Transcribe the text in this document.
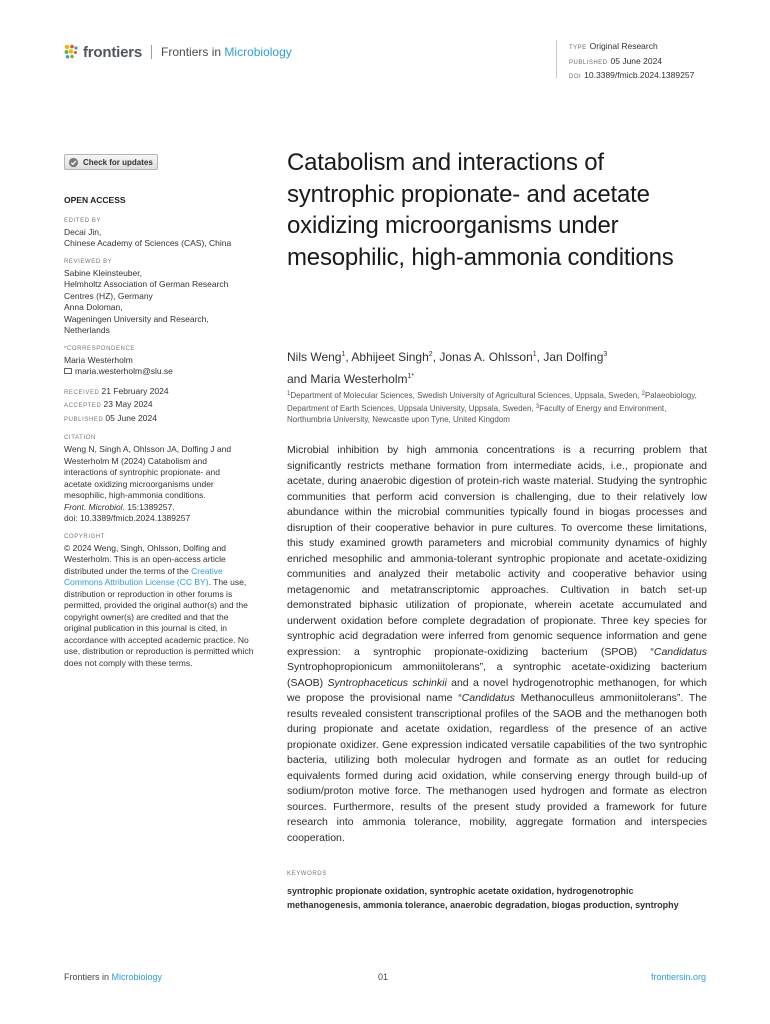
frontiers Frontiers in Microbiology	TYPE Original Research
PUBLISHED 05 June 2024
DOI 10.3389/fmicb.2024.1389257
Check for updates
OPEN ACCESS
EDITED BY
Decai Jin,
Chinese Academy of Sciences (CAS), China
REVIEWED BY
Sabine Kleinsteuber,
Helmholtz Association of German Research
Centres (HZ), Germany
Anna Doloman,
Wageningen University and Research,
Netherlands
*CORRESPONDENCE
Maria Westerholm
maria.westerholm@slu.se
RECEIVED 21 February 2024
ACCEPTED 23 May 2024
PUBLISHED 05 June 2024
CITATION
Weng N, Singh A, Ohlsson JA, Dolfing J and
Westerholm M (2024) Catabolism and
interactions of syntrophic propionate- and
acetate oxidizing microorganisms under
mesophilic, high-ammonia conditions.
Front. Microbiol. 15:1389257.
doi: 10.3389/fmicb.2024.1389257
COPYRIGHT
© 2024 Weng, Singh, Ohlsson, Dolfing and Westerholm. This is an open-access article distributed under the terms of the Creative Commons Attribution License (CC BY). The use, distribution or reproduction in other forums is permitted, provided the original author(s) and the copyright owner(s) are credited and that the original publication in this journal is cited, in accordance with accepted academic practice. No use, distribution or reproduction is permitted which does not comply with these terms.
Catabolism and interactions of syntrophic propionate- and acetate oxidizing microorganisms under mesophilic, high-ammonia conditions
Nils Weng$^1$, Abhijeet Singh$^2$, Jonas A. Ohlsson$^1$, Jan Dolfing$^3$
and Maria Westerholm$^{1*}$
$^1$Department of Molecular Sciences, Swedish University of Agricultural Sciences, Uppsala, Sweden, $^2$Palaeobiology, Department of Earth Sciences, Uppsala University, Uppsala, Sweden, $^3$Faculty of Energy and Environment, Northumbria University, Newcastle upon Tyne, United Kingdom
Microbial inhibition by high ammonia concentrations is a recurring problem that significantly restricts methane formation from intermediate acids, i.e., propionate and acetate, during anaerobic digestion of protein-rich waste material. Studying the syntrophic communities that perform acid conversion is challenging, due to their relatively low abundance within the microbial communities typically found in biogas processes and disruption of their cooperative behavior in pure cultures. To overcome these limitations, this study examined growth parameters and microbial community dynamics of highly enriched mesophilic and ammonia-tolerant syntrophic propionate and acetate-oxidizing communities and analyzed their metabolic activity and cooperative behavior using metagenomic and metatranscriptomic approaches. Cultivation in batch set-up demonstrated biphasic utilization of propionate, wherein acetate accumulated and underwent oxidation before complete degradation of propionate. Three key species for syntrophic acid degradation were inferred from genomic sequence information and gene expression: a syntrophic propionate-oxidizing bacterium (SPOB) “Candidatus Syntrophopropionicum ammoniitolerans”, a syntrophic acetate-oxidizing bacterium (SAOB) Syntrophaceticus schinkii and a novel hydrogenotrophic methanogen, for which we propose the provisional name “Candidatus Methanoculleus ammoniitolerans”. The results revealed consistent transcriptional profiles of the SAOB and the methanogen both during propionate and acetate oxidation, regardless of the presence of an active propionate oxidizer. Gene expression indicated versatile capabilities of the two syntrophic bacteria, utilizing both molecular hydrogen and formate as an outlet for reducing equivalents formed during acid oxidation, while conserving energy through build-up of sodium/proton motive force. The methanogen used hydrogen and formate as electron sources. Furthermore, results of the present study provided a framework for future research into ammonia tolerance, mobility, aggregate formation and interspecies cooperation.
KEYWORDS
syntrophic propionate oxidation, syntrophic acetate oxidation, hydrogenotrophic methanogenesis, ammonia tolerance, anaerobic degradation, biogas production, syntrophy
Frontiers in Microbiology	01	frontiersin.org
